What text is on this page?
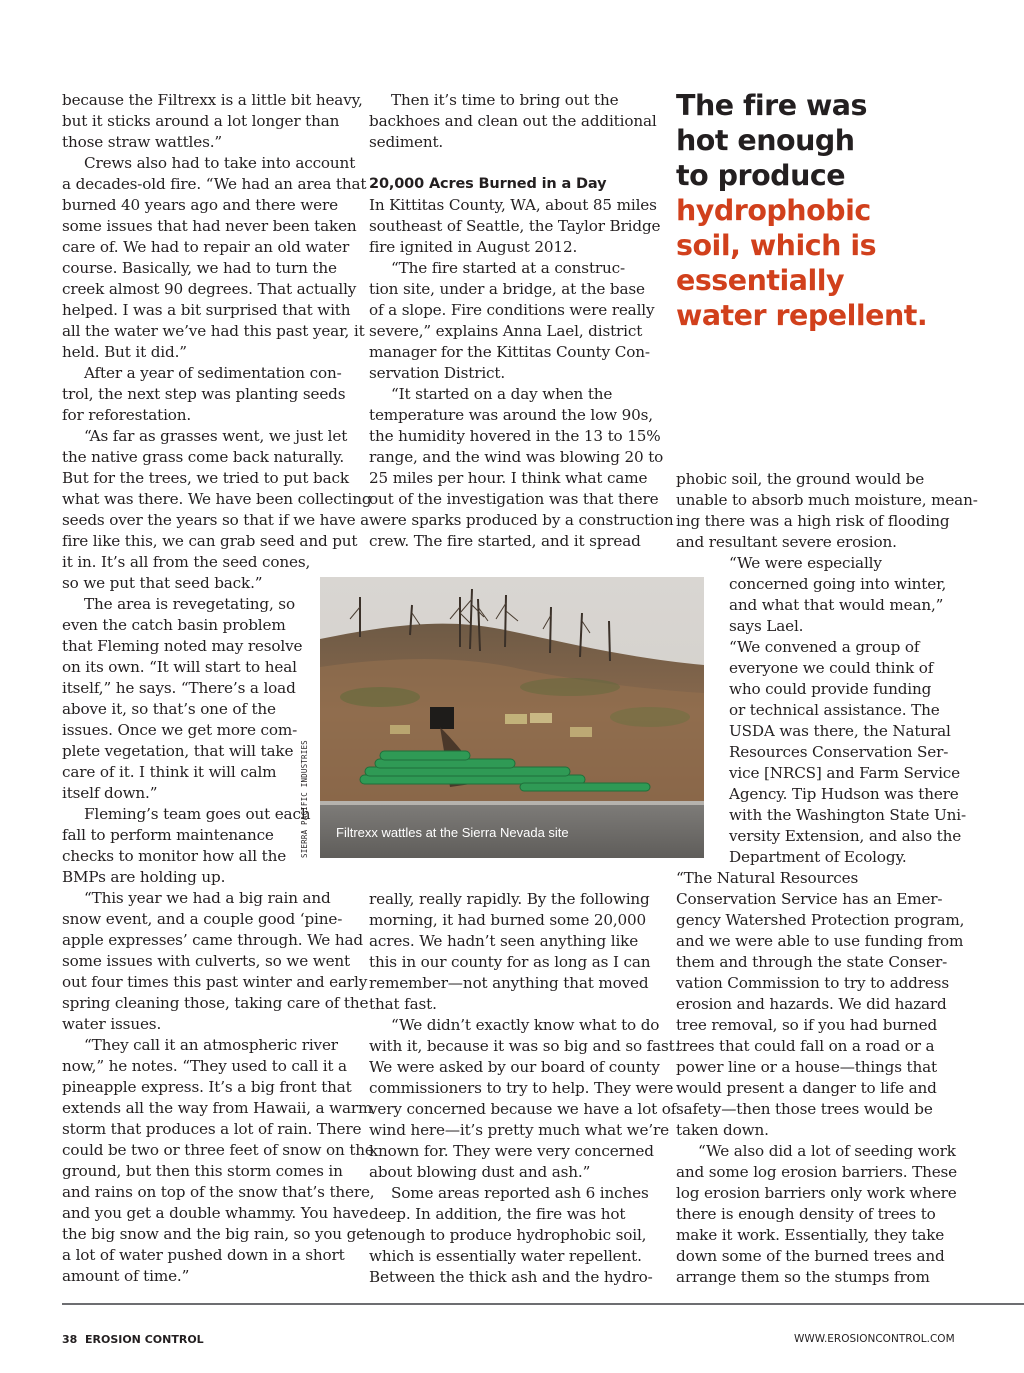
because the Filtrexx is a little bit heavy,

but it sticks around a lot longer than

those straw wattles.”

Crews also had to take into account

a decades-old fire. “We had an area that

burned 40 years ago and there were

some issues that had never been taken

care of. We had to repair an old water

course. Basically, we had to turn the

creek almost 90 degrees. That actually

helped. I was a bit surprised that with

all the water we’ve had this past year, it

held. But it did.”

After a year of sedimentation con-

trol, the next step was planting seeds

for reforestation.

“As far as grasses went, we just let

the native grass come back naturally.

But for the trees, we tried to put back

what was there. We have been collecting

seeds over the years so that if we have a

fire like this, we can grab seed and put

it in. It’s all from the seed cones,

so we put that seed back.”

The area is revegetating, so

even the catch basin problem

that Fleming noted may resolve

on its own. “It will start to heal

itself,” he says. “There’s a load

above it, so that’s one of the

issues. Once we get more com-

plete vegetation, that will take

care of it. I think it will calm

itself down.”

Fleming’s team goes out each

fall to perform maintenance

checks to monitor how all the

BMPs are holding up.

“This year we had a big rain and

snow event, and a couple good ‘pine-

apple expresses’ came through. We had

some issues with culverts, so we went

out four times this past winter and early

spring cleaning those, taking care of the

water issues.

“They call it an atmospheric river

now,” he notes. “They used to call it a

pineapple express. It’s a big front that

extends all the way from Hawaii, a warm

storm that produces a lot of rain. There

could be two or three feet of snow on the

ground, but then this storm comes in

and rains on top of the snow that’s there,

and you get a double whammy. You have

the big snow and the big rain, so you get

a lot of water pushed down in a short

amount of time.”

Then it’s time to bring out the

backhoes and clean out the additional

sediment.

20,000 Acres Burned in a Day

In Kittitas County, WA, about 85 miles

southeast of Seattle, the Taylor Bridge

fire ignited in August 2012.

“The fire started at a construc-

tion site, under a bridge, at the base

of a slope. Fire conditions were really

severe,” explains Anna Lael, district

manager for the Kittitas County Con-

servation District.

“It started on a day when the

temperature was around the low 90s,

the humidity hovered in the 13 to 15%

range, and the wind was blowing 20 to

25 miles per hour. I think what came

out of the investigation was that there

were sparks produced by a construction

crew. The fire started, and it spread

The fire was

hot enough

to produce

hydrophobic

soil, which is

essentially

water repellent.

phobic soil, the ground would be

unable to absorb much moisture, mean-

ing there was a high risk of flooding

and resultant severe erosion.

“We were especially

concerned going into winter,

and what that would mean,”

says Lael.

“We convened a group of

everyone we could think of

who could provide funding

or technical assistance. The

USDA was there, the Natural

Resources Conservation Ser-

vice [NRCS] and Farm Service

Agency. Tip Hudson was there

with the Washington State Uni-

versity Extension, and also the

Department of Ecology.

“The Natural Resources

Conservation Service has an Emer-

gency Watershed Protection program,

and we were able to use funding from

them and through the state Conser-

vation Commission to try to address

erosion and hazards. We did hazard

tree removal, so if you had burned

trees that could fall on a road or a

power line or a house—things that

would present a danger to life and

safety—then those trees would be

taken down.

“We also did a lot of seeding work

and some log erosion barriers. These

log erosion barriers only work where

there is enough density of trees to

make it work. Essentially, they take

down some of the burned trees and

arrange them so the stumps from

Filtrexx wattles at the Sierra Nevada site
SIERRA PACIFIC INDUSTRIES

really, really rapidly. By the following

morning, it had burned some 20,000

acres. We hadn’t seen anything like

this in our county for as long as I can

remember—not anything that moved

that fast.

“We didn’t exactly know what to do

with it, because it was so big and so fast.

We were asked by our board of county

commissioners to try to help. They were

very concerned because we have a lot of

wind here—it’s pretty much what we’re

known for. They were very concerned

about blowing dust and ash.”

Some areas reported ash 6 inches

deep. In addition, the fire was hot

enough to produce hydrophobic soil,

which is essentially water repellent.

Between the thick ash and the hydro-

38 EROSION CONTROL	WWW.EROSIONCONTROL.COM
